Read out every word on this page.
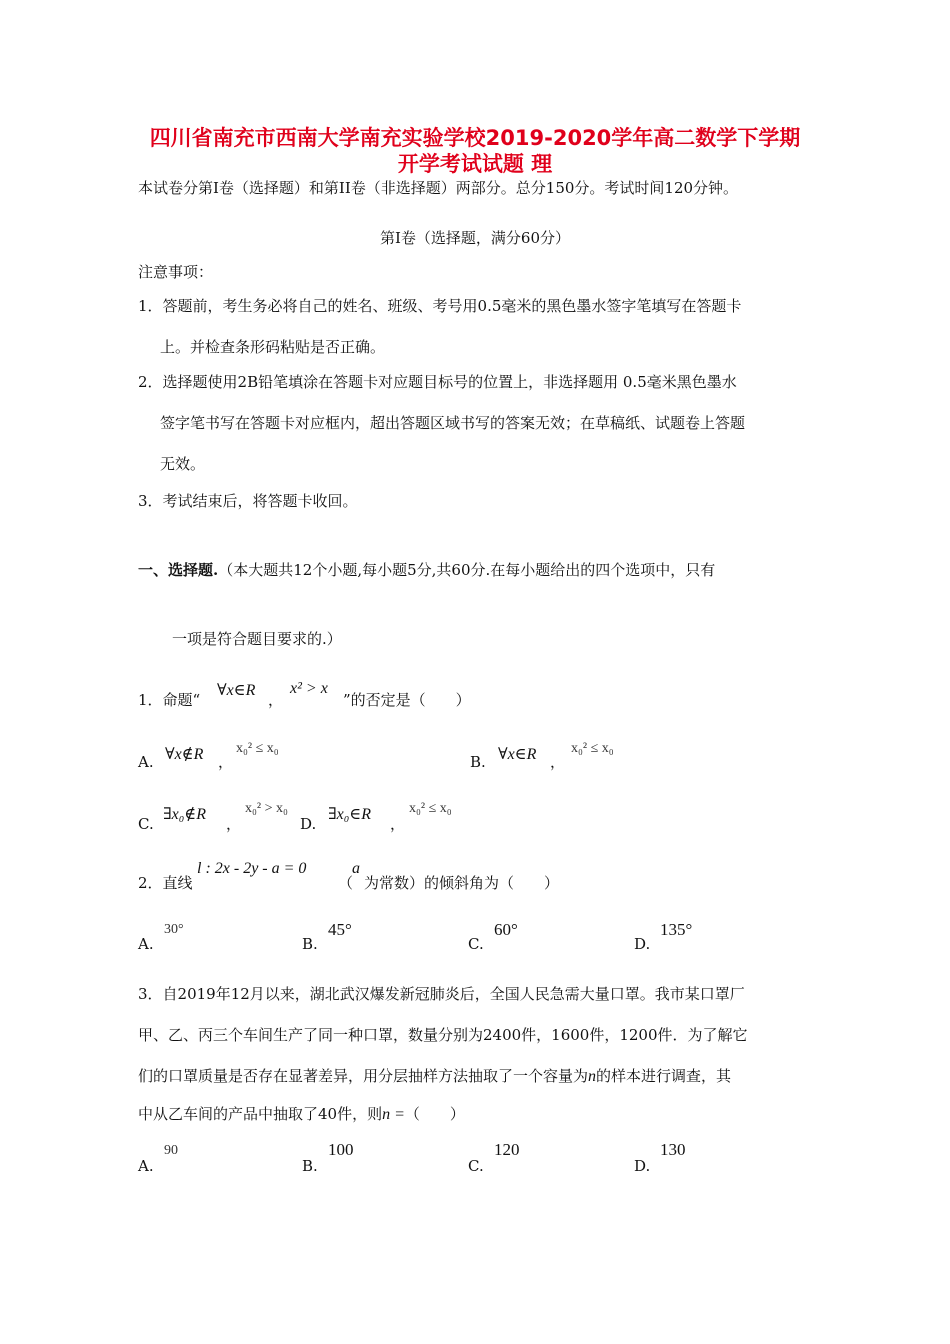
四川省南充市西南大学南充实验学校2019-2020学年高二数学下学期
开学考试试题 理
本试卷分第Ⅰ卷（选择题）和第II卷（非选择题）两部分。总分150分。考试时间120分钟。
第Ⅰ卷（选择题，满分60分）
注意事项：
1．答题前，考生务必将自己的姓名、班级、考号用0.5毫米的黑色墨水签字笔填写在答题卡
上。并检查条形码粘贴是否正确。
2．选择题使用2B铅笔填涂在答题卡对应题目标号的位置上，非选择题用 0.5毫米黑色墨水
签字笔书写在答题卡对应框内，超出答题区域书写的答案无效；在草稿纸、试题卷上答题
无效。
3．考试结束后，将答题卡收回。
一、选择题.（本大题共12个小题,每小题5分,共60分.在每小题给出的四个选项中，只有
一项是符合题目要求的.）
1．命题“
∀x∈R
，
x² > x
”的否定是（　　）
A. ∀x∉R ，
x₀² ≤ x₀
B. ∀x∈R ，
x₀² ≤ x₀
C.
∃x₀∉R
，
x₀² > x₀
D.
∃x₀∈R
，
x₀² ≤ x₀
2．直线
l : 2x - 2y - a = 0
（
a
为常数）的倾斜角为（　　）
A.
30°
B.
45°
C.
60°
D.
135°
3．自2019年12月以来，湖北武汉爆发新冠肺炎后，全国人民急需大量口罩。我市某口罩厂
甲、乙、丙三个车间生产了同一种口罩，数量分别为2400件，1600件，1200件．为了解它
们的口罩质量是否存在显著差异，用分层抽样方法抽取了一个容量为n的样本进行调查，其
中从乙车间的产品中抽取了40件，则n =（　　）
A.
90
B.
100
C.
120
D.
130
